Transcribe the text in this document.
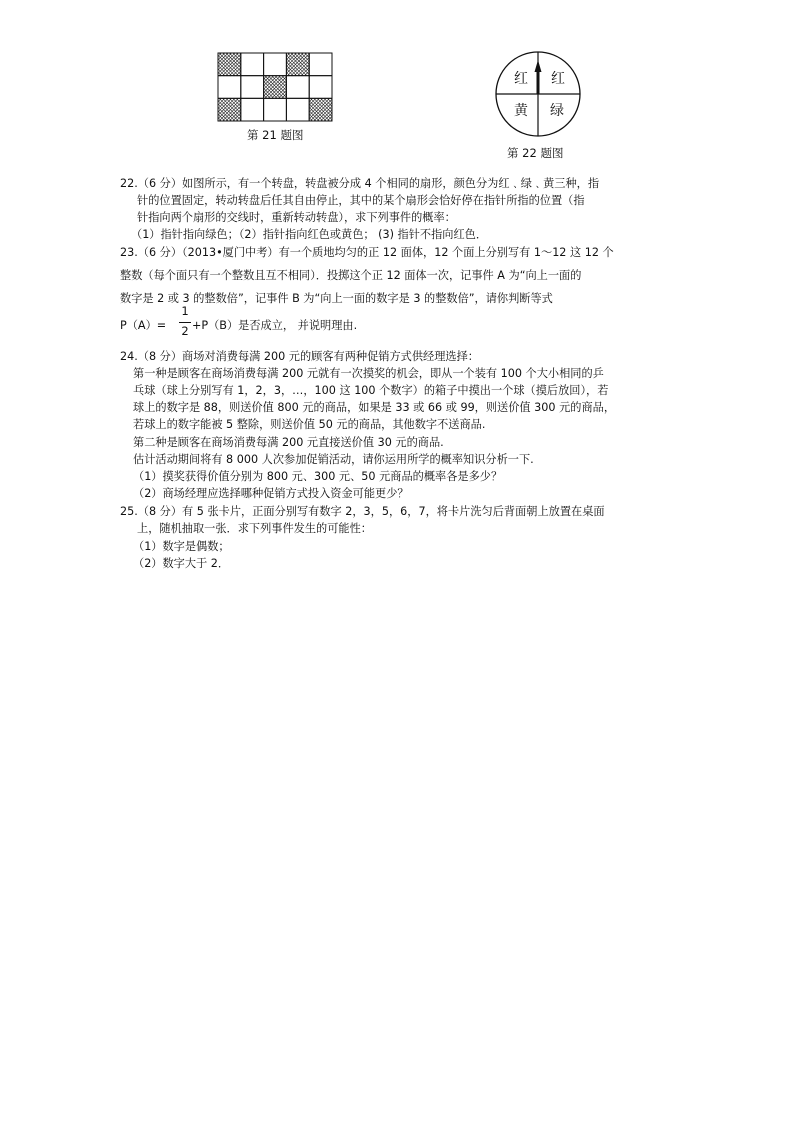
第 21 题图
红 红
黄 绿
第 22 题图
22.（6 分）如图所示，有一个转盘，转盘被分成 4 个相同的扇形，颜色分为红﹑绿﹑黄三种，指
针的位置固定，转动转盘后任其自由停止，其中的某个扇形会恰好停在指针所指的位置（指
针指向两个扇形的交线时，重新转动转盘），求下列事件的概率：
（1）指针指向绿色；（2）指针指向红色或黄色； (3) 指针不指向红色．
23.（6 分）（2013•厦门中考）有一个质地均匀的正 12 面体，12 个面上分别写有 1～12 这 12 个
整数（每个面只有一个整数且互不相同）．投掷这个正 12 面体一次，记事件 A 为“向上一面的
数字是 2 或 3 的整数倍”，记事件 B 为“向上一面的数字是 3 的整数倍”，请你判断等式
P（A）=
1
2 +P（B）是否成立， 并说明理由.
24.（8 分）商场对消费每满 200 元的顾客有两种促销方式供经理选择：
第一种是顾客在商场消费每满 200 元就有一次摸奖的机会，即从一个装有 100 个大小相同的乒
乓球（球上分别写有 1，2，3，…，100 这 100 个数字）的箱子中摸出一个球（摸后放回），若
球上的数字是 88，则送价值 800 元的商品，如果是 33 或 66 或 99，则送价值 300 元的商品，
若球上的数字能被 5 整除，则送价值 50 元的商品，其他数字不送商品.
第二种是顾客在商场消费每满 200 元直接送价值 30 元的商品.
估计活动期间将有 8 000 人次参加促销活动，请你运用所学的概率知识分析一下.
（1）摸奖获得价值分别为 800 元、300 元、50 元商品的概率各是多少？
（2）商场经理应选择哪种促销方式投入资金可能更少？
25.（8 分）有 5 张卡片，正面分别写有数字 2，3，5，6，7，将卡片洗匀后背面朝上放置在桌面
上，随机抽取一张．求下列事件发生的可能性：
（1）数字是偶数；
（2）数字大于 2．
